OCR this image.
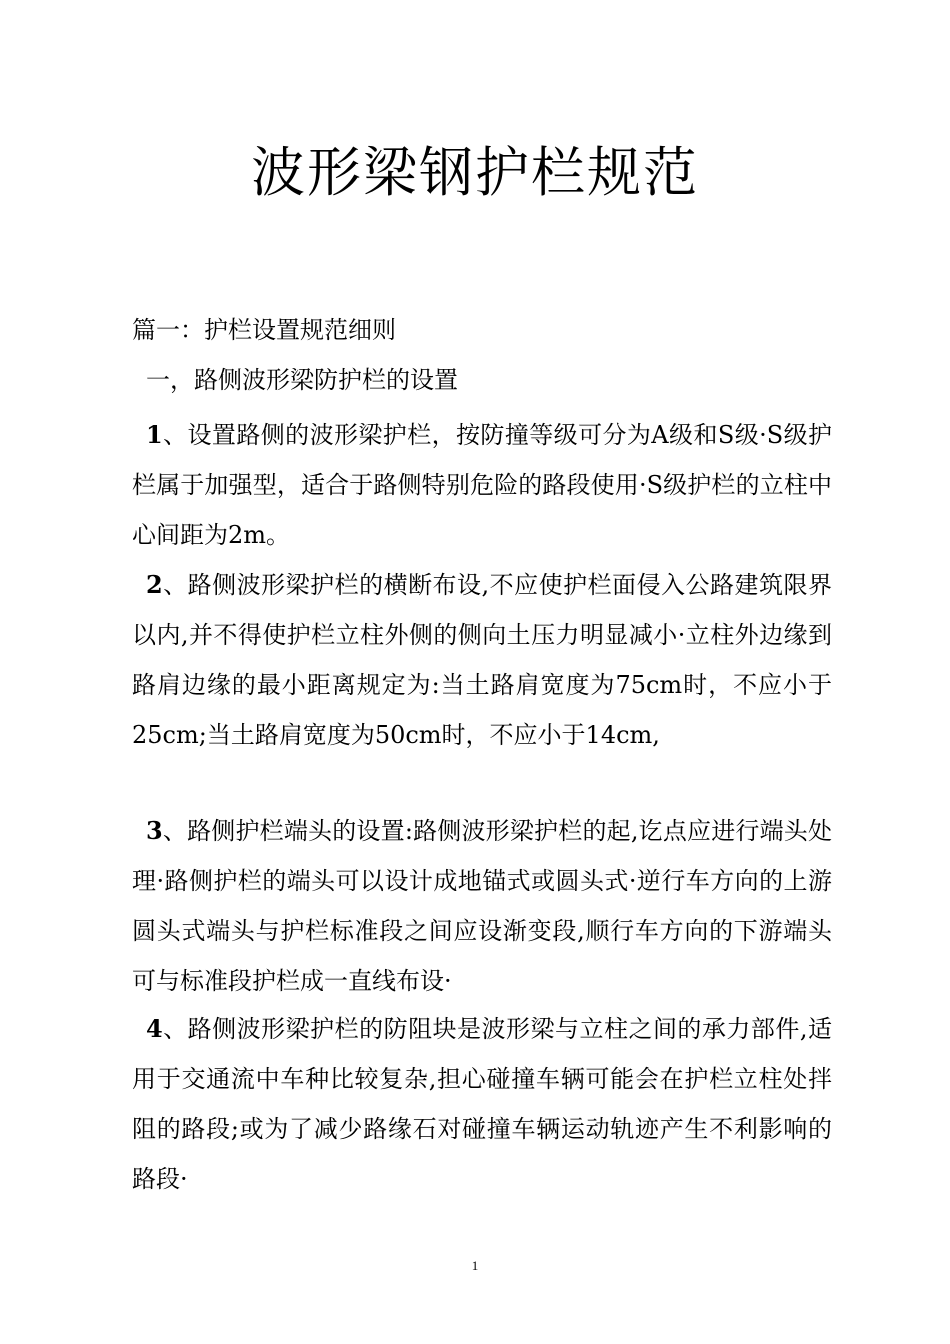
波形梁钢护栏规范
篇一：护栏设置规范细则
一，路侧波形梁防护栏的设置
1、设置路侧的波形梁护栏，按防撞等级可分为A级和S级·S级护栏属于加强型，适合于路侧特别危险的路段使用·S级护栏的立柱中心间距为2m。
2、路侧波形梁护栏的横断布设,不应使护栏面侵入公路建筑限界以内,并不得使护栏立柱外侧的侧向土压力明显减小·立柱外边缘到路肩边缘的最小距离规定为:当土路肩宽度为75cm时，不应小于25cm;当土路肩宽度为50cm时，不应小于14cm,
3、路侧护栏端头的设置:路侧波形梁护栏的起,讫点应进行端头处理·路侧护栏的端头可以设计成地锚式或圆头式·逆行车方向的上游圆头式端头与护栏标准段之间应设渐变段,顺行车方向的下游端头可与标准段护栏成一直线布设·
4、路侧波形梁护栏的防阻块是波形梁与立柱之间的承力部件,适用于交通流中车种比较复杂,担心碰撞车辆可能会在护栏立柱处拌阻的路段;或为了减少路缘石对碰撞车辆运动轨迹产生不利影响的路段·
1
